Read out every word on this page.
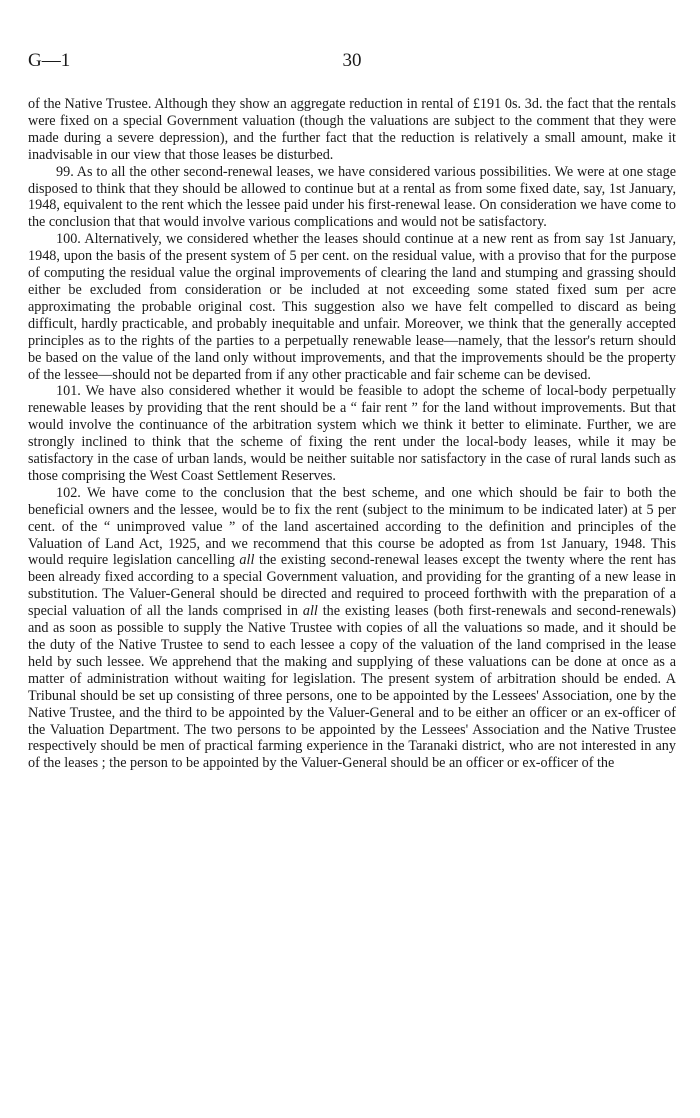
G—1	30

of the Native Trustee. Although they show an aggregate reduction in rental of £191 0s. 3d. the fact that the rentals were fixed on a special Government valuation (though the valuations are subject to the comment that they were made during a severe depression), and the further fact that the reduction is relatively a small amount, make it inadvisable in our view that those leases be disturbed.

99. As to all the other second-renewal leases, we have considered various possibilities. We were at one stage disposed to think that they should be allowed to continue but at a rental as from some fixed date, say, 1st January, 1948, equivalent to the rent which the lessee paid under his first-renewal lease. On consideration we have come to the conclusion that that would involve various complications and would not be satisfactory.

100. Alternatively, we considered whether the leases should continue at a new rent as from say 1st January, 1948, upon the basis of the present system of 5 per cent. on the residual value, with a proviso that for the purpose of computing the residual value the orginal improvements of clearing the land and stumping and grassing should either be excluded from consideration or be included at not exceeding some stated fixed sum per acre approximating the probable original cost. This suggestion also we have felt compelled to discard as being difficult, hardly practicable, and probably inequitable and unfair. Moreover, we think that the generally accepted principles as to the rights of the parties to a perpetually renewable lease—namely, that the lessor's return should be based on the value of the land only without improvements, and that the improvements should be the property of the lessee—should not be departed from if any other practicable and fair scheme can be devised.

101. We have also considered whether it would be feasible to adopt the scheme of local-body perpetually renewable leases by providing that the rent should be a “ fair rent ” for the land without improvements. But that would involve the continuance of the arbitration system which we think it better to eliminate. Further, we are strongly inclined to think that the scheme of fixing the rent under the local-body leases, while it may be satisfactory in the case of urban lands, would be neither suitable nor satisfactory in the case of rural lands such as those comprising the West Coast Settlement Reserves.

102. We have come to the conclusion that the best scheme, and one which should be fair to both the beneficial owners and the lessee, would be to fix the rent (subject to the minimum to be indicated later) at 5 per cent. of the “ unimproved value ” of the land ascertained according to the definition and principles of the Valuation of Land Act, 1925, and we recommend that this course be adopted as from 1st January, 1948. This would require legislation cancelling all the existing second-renewal leases except the twenty where the rent has been already fixed according to a special Government valuation, and providing for the granting of a new lease in substitution. The Valuer-General should be directed and required to proceed forthwith with the preparation of a special valuation of all the lands comprised in all the existing leases (both first-renewals and second-renewals) and as soon as possible to supply the Native Trustee with copies of all the valuations so made, and it should be the duty of the Native Trustee to send to each lessee a copy of the valuation of the land comprised in the lease held by such lessee. We apprehend that the making and supplying of these valuations can be done at once as a matter of administration without waiting for legislation. The present system of arbitration should be ended. A Tribunal should be set up consisting of three persons, one to be appointed by the Lessees' Association, one by the Native Trustee, and the third to be appointed by the Valuer-General and to be either an officer or an ex-officer of the Valuation Department. The two persons to be appointed by the Lessees' Association and the Native Trustee respectively should be men of practical farming experience in the Taranaki district, who are not interested in any of the leases ; the person to be appointed by the Valuer-General should be an officer or ex-officer of the
